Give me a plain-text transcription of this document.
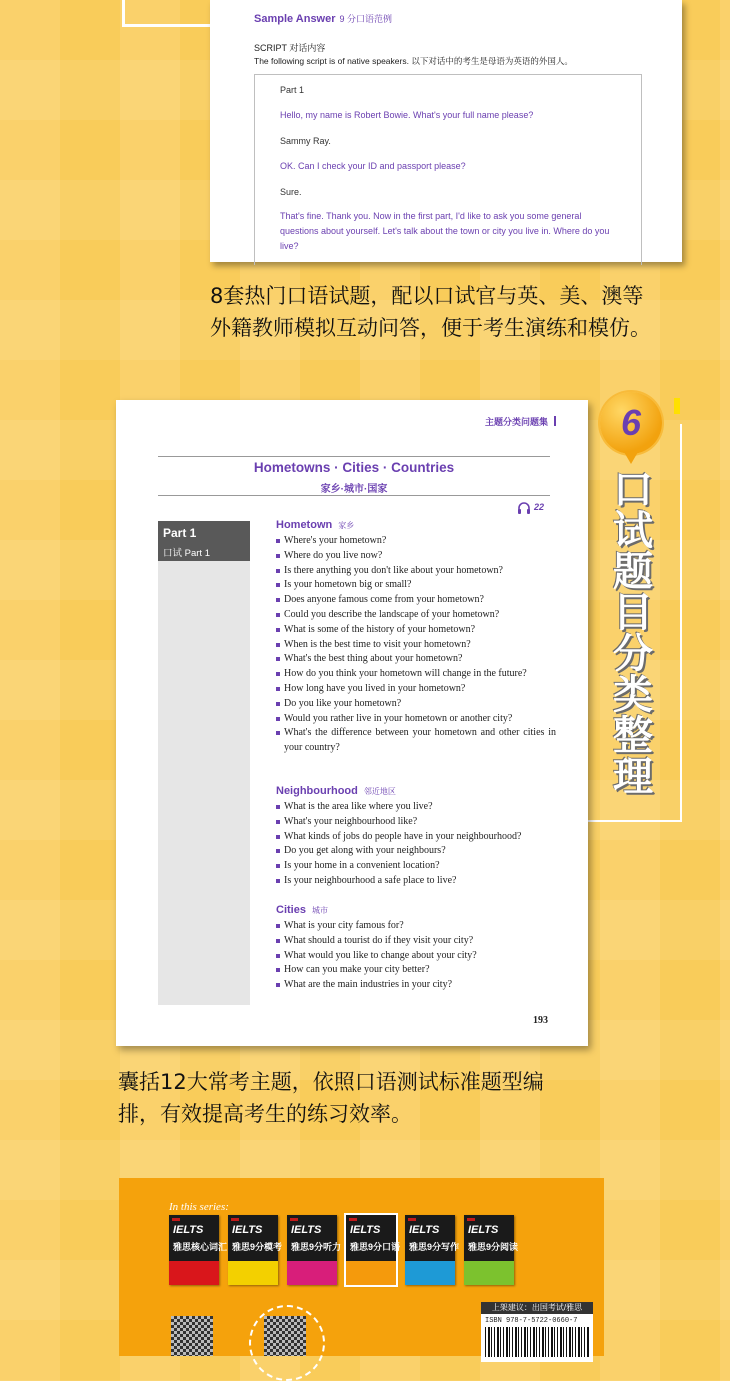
Sample Answer 9 分口语范例
SCRIPT 对话内容
The following script is of native speakers. 以下对话中的考生是母语为英语的外国人。
Part 1
Hello, my name is Robert Bowie. What's your full name please?
Sammy Ray.
OK. Can I check your ID and passport please?
Sure.
That's fine. Thank you. Now in the first part, I'd like to ask you some general questions about yourself. Let's talk about the town or city you live in. Where do you live?
8套热门口语试题，配以口试官与英、美、澳等
外籍教师模拟互动问答，便于考生演练和模仿。
主题分类问题集
Hometowns · Cities · Countries
家乡·城市·国家
22
Part 1
口试 Part 1
Hometown 家乡
Where's your hometown?
Where do you live now?
Is there anything you don't like about your hometown?
Is your hometown big or small?
Does anyone famous come from your hometown?
Could you describe the landscape of your hometown?
What is some of the history of your hometown?
When is the best time to visit your hometown?
What's the best thing about your hometown?
How do you think your hometown will change in the future?
How long have you lived in your hometown?
Do you like your hometown?
Would you rather live in your hometown or another city?
What's the difference between your hometown and other cities in your country?
Neighbourhood 邻近地区
What is the area like where you live?
What's your neighbourhood like?
What kinds of jobs do people have in your neighbourhood?
Do you get along with your neighbours?
Is your home in a convenient location?
Is your neighbourhood a safe place to live?
Cities 城市
What is your city famous for?
What should a tourist do if they visit your city?
What would you like to change about your city?
How can you make your city better?
What are the main industries in your city?
193
6
口试题目分类整理
囊括12大常考主题，依照口语测试标准题型编
排，有效提高考生的练习效率。
In this series:
IELTS
雅思核心词汇
IELTS
雅思9分模考
IELTS
雅思9分听力
IELTS
雅思9分口语
IELTS
雅思9分写作
IELTS
雅思9分阅读
上架建议：出国考试/雅思
ISBN 978-7-5722-0660-7
